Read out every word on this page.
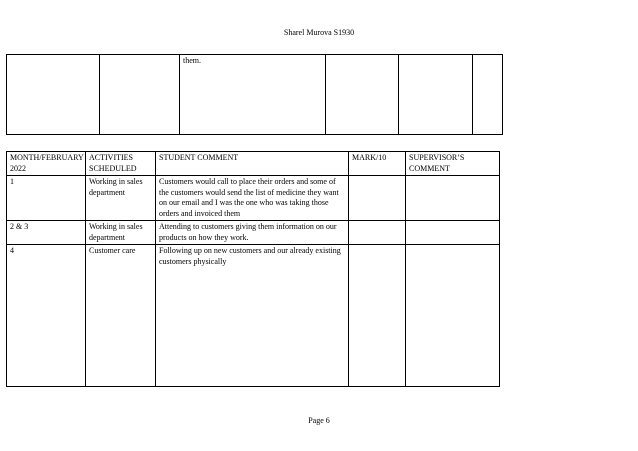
Sharel Murova S1930
		them.			
MONTH/FEBRUARY 2022	ACTIVITIES SCHEDULED	STUDENT COMMENT	MARK/10	SUPERVISOR’S COMMENT
1	Working in sales department	Customers would call to place their orders and some of the customers would send the list of medicine they want on our email and I was the one who was taking those orders and invoiced them		
2 & 3	Working in sales department	Attending to customers giving them information on our products on how they work.		
4	Customer care	Following up on new customers and our already existing customers physically		
Page 6
